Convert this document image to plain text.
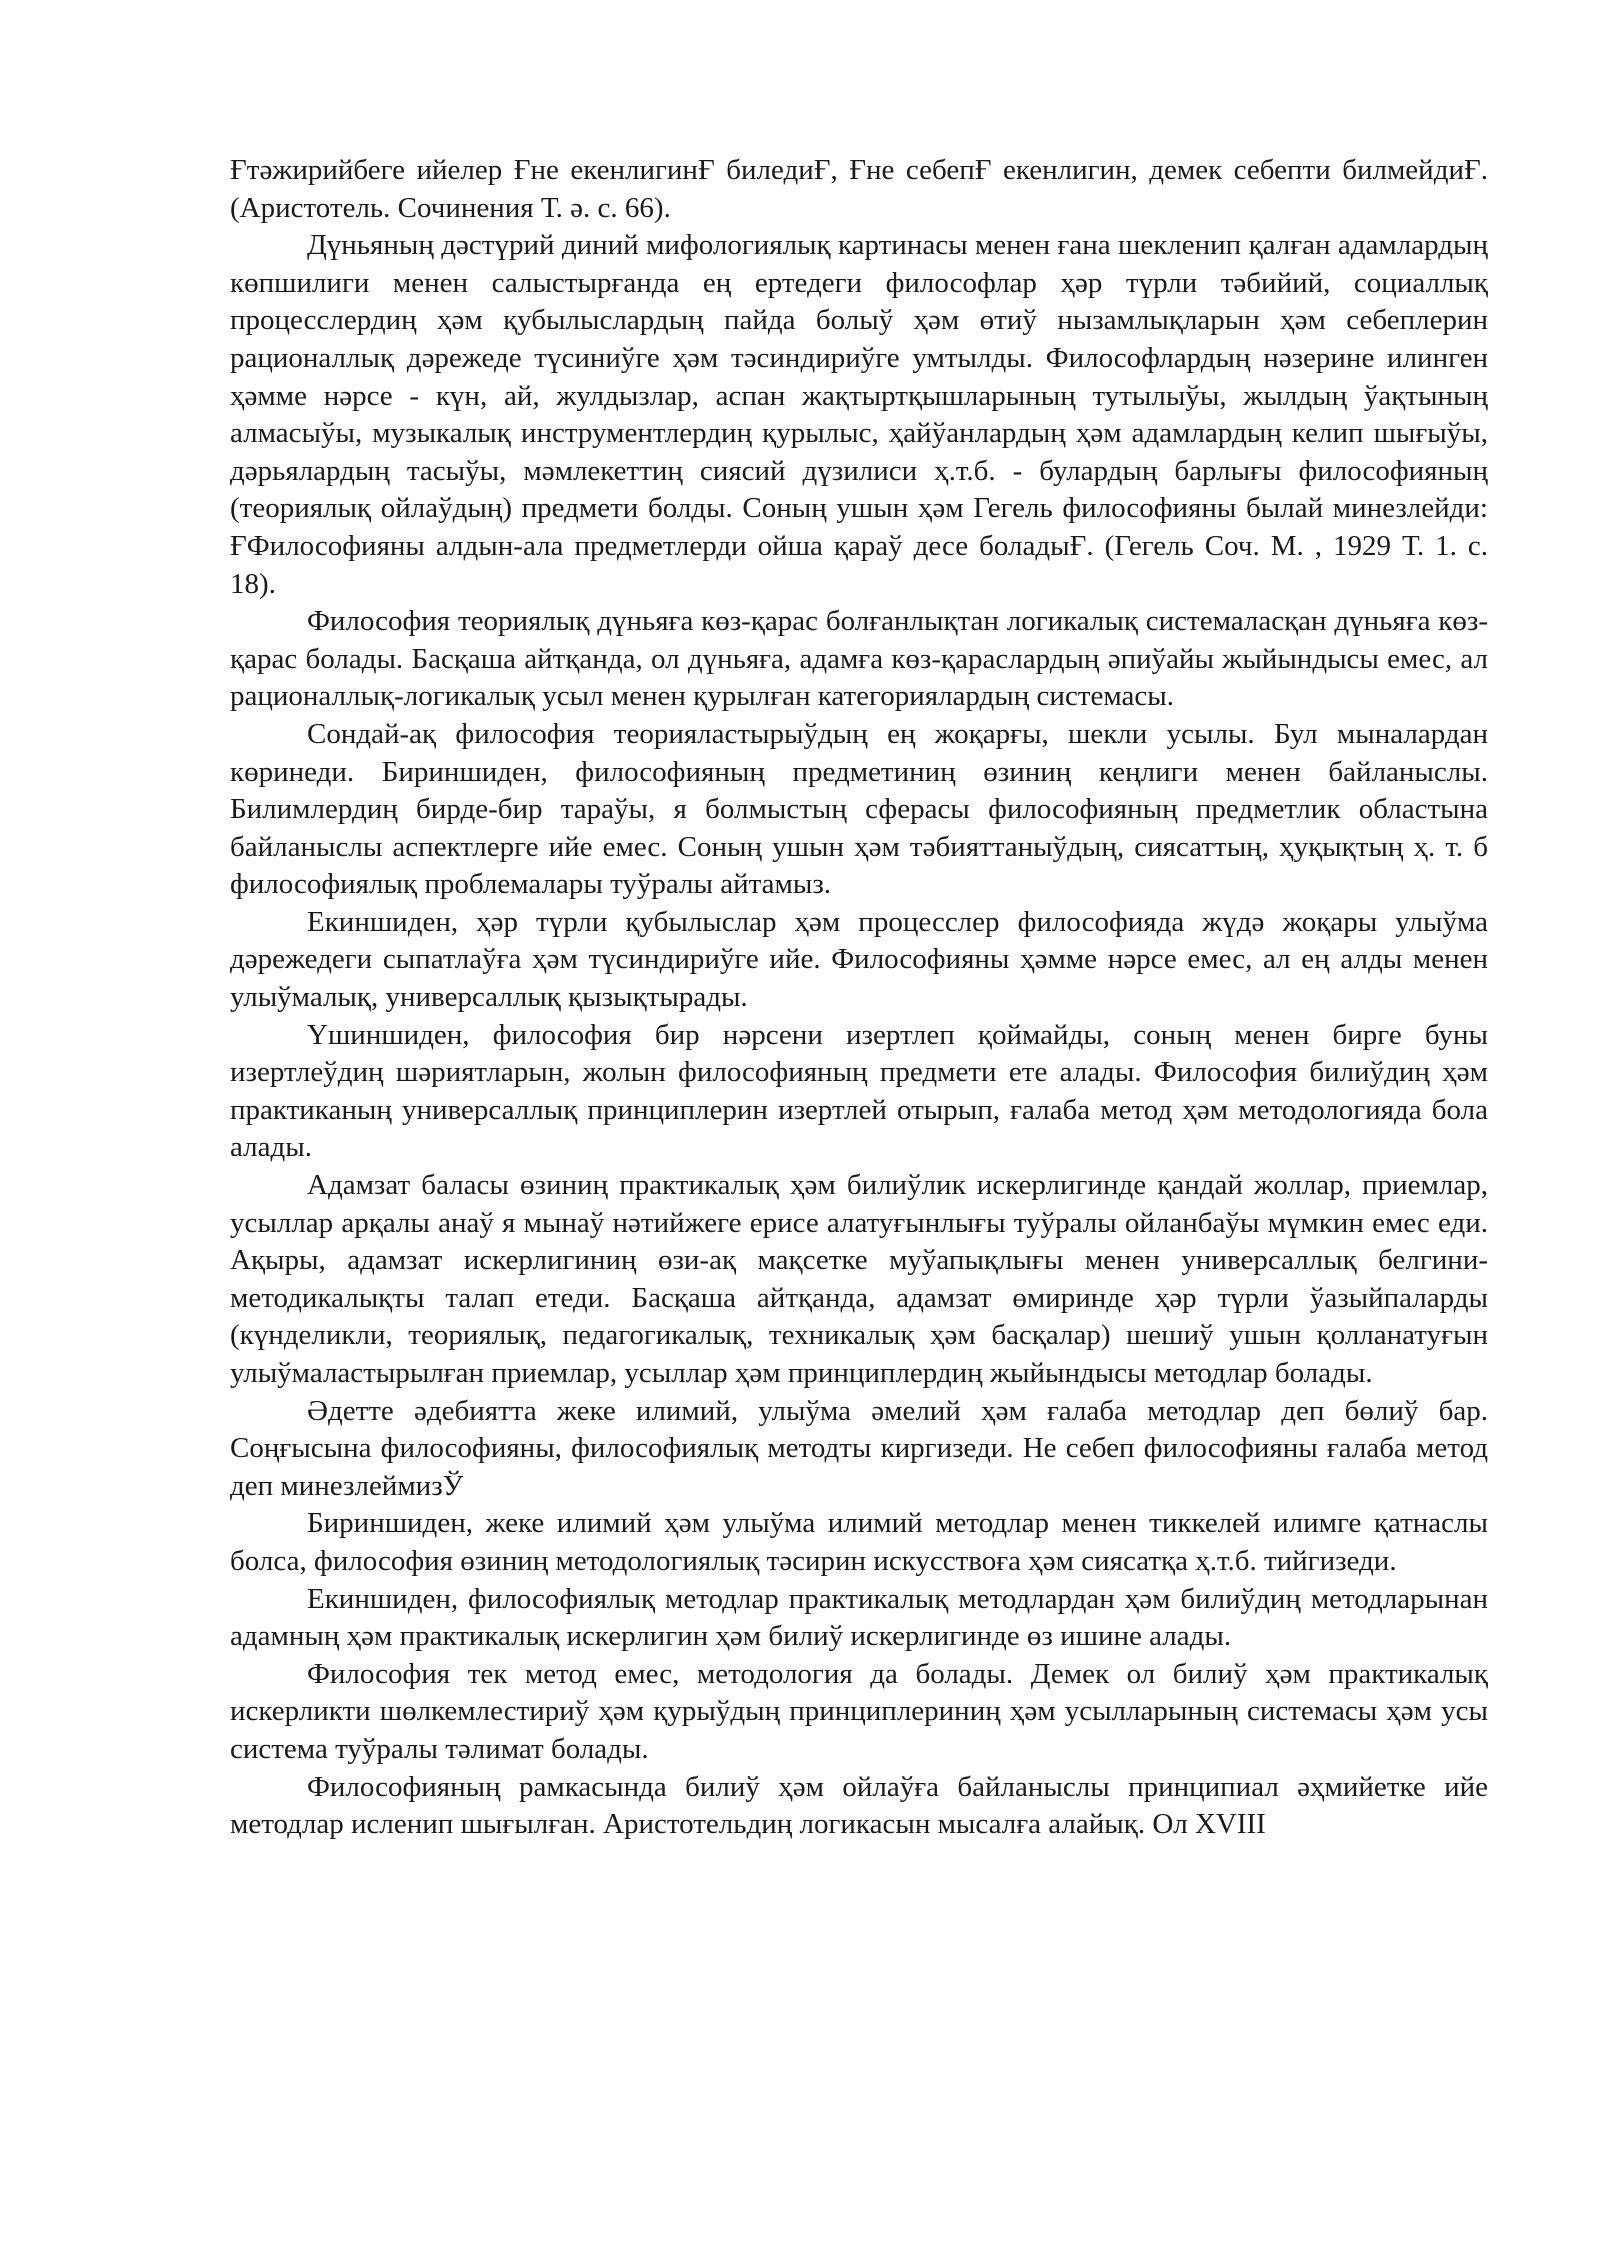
Ғтәжирийбеге ийелер Ғне екенлигинҒ биледиҒ, Ғне себепҒ екенлигин, демек себепти билмейдиҒ. (Аристотель. Сочинения Т. ә. с. 66).

Дүньяның дәстүрий диний мифологиялық картинасы менен ғана шекленип қалған адамлардың көпшилиги менен салыстырғанда ең ертедеги философлар ҳәр түрли тәбийий, социаллық процесслердиң ҳәм қубылыслардың пайда болыў ҳәм өтиў нызамлықларын ҳәм себеплерин рационаллық дәрежеде түсиниўге ҳәм тәсиндириўге умтылды. Философлардың нәзерине илинген ҳәмме нәрсе - күн, ай, жулдызлар, аспан жақтыртқышларының тутылыўы, жылдың ўақтының алмасыўы, музыкалық инструментлердиң қурылыс, ҳайўанлардың ҳәм адамлардың келип шығыўы, дәрьялардың тасыўы, мәмлекеттиң сиясий дүзилиси ҳ.т.б. - булардың барлығы философияның (теориялық ойлаўдың) предмети болды. Соның ушын ҳәм Гегель философияны былай минезлейди: ҒФилософияны алдын-ала предметлерди ойша қараў десе боладыҒ. (Гегель Соч. М. , 1929 Т. 1. с. 18).

Философия теориялық дүньяға көз-қарас болғанлықтан логикалық системаласқан дүньяға көз-қарас болады. Басқаша айтқанда, ол дүньяға, адамға көз-қараслардың әпиўайы жыйындысы емес, ал рационаллық-логикалық усыл менен қурылған категориялардың системасы.

Сондай-ақ философия теорияластырыўдың ең жоқарғы, шекли усылы. Бул мыналардан көринеди. Бириншиден, философияның предметиниң өзиниң кеңлиги менен байланыслы. Билимлердиң бирде-бир тараўы, я болмыстың сферасы философияның предметлик областына байланыслы аспектлерге ийе емес. Соның ушын ҳәм тәбияттаныўдың, сиясаттың, ҳуқықтың ҳ. т. б философиялық проблемалары туўралы айтамыз.

Екиншиден, ҳәр түрли қубылыслар ҳәм процесслер философияда жүдә жоқары улыўма дәрежедеги сыпатлаўға ҳәм түсиндириўге ийе. Философияны ҳәмме нәрсе емес, ал ең алды менен улыўмалық, универсаллық қызықтырады.

Үшиншиден, философия бир нәрсени изертлеп қоймайды, соның менен бирге буны изертлеўдиң шәриятларын, жолын философияның предмети ете алады. Философия билиўдиң ҳәм практиканың универсаллық принциплерин изертлей отырып, ғалаба метод ҳәм методологияда бола алады.

Адамзат баласы өзиниң практикалық ҳәм билиўлик искерлигинде қандай жоллар, приемлар, усыллар арқалы анаў я мынаў нәтийжеге ерисе алатуғынлығы туўралы ойланбаўы мүмкин емес еди. Ақыры, адамзат искерлигиниң өзи-ақ мақсетке муўапықлығы менен универсаллық белгини-методикалықты талап етеди. Басқаша айтқанда, адамзат өмиринде ҳәр түрли ўазыйпаларды (күнделикли, теориялық, педагогикалық, техникалық ҳәм басқалар) шешиў ушын қолланатуғын улыўмаластырылған приемлар, усыллар ҳәм принциплердиң жыйындысы методлар болады.

Әдетте әдебиятта жеке илимий, улыўма әмелий ҳәм ғалаба методлар деп бөлиў бар. Соңғысына философияны, философиялық методты киргизеди. Не себеп философияны ғалаба метод деп минезлеймизЎ

Бириншиден, жеке илимий ҳәм улыўма илимий методлар менен тиккелей илимге қатнаслы болса, философия өзиниң методологиялық тәсирин искусствоға ҳәм сиясатқа ҳ.т.б. тийгизеди.

Екиншиден, философиялық методлар практикалық методлардан ҳәм билиўдиң методларынан адамның ҳәм практикалық искерлигин ҳәм билиў искерлигинде өз ишине алады.

Философия тек метод емес, методология да болады. Демек ол билиў ҳәм практикалық искерликти шөлкемлестириў ҳәм қурыўдың принциплериниң ҳәм усылларының системасы ҳәм усы система туўралы тәлимат болады.

Философияның рамкасында билиў ҳәм ойлаўға байланыслы принципиал әҳмийетке ийе методлар исленип шығылған. Аристотельдиң логикасын мысалға алайық. Ол XVIII
